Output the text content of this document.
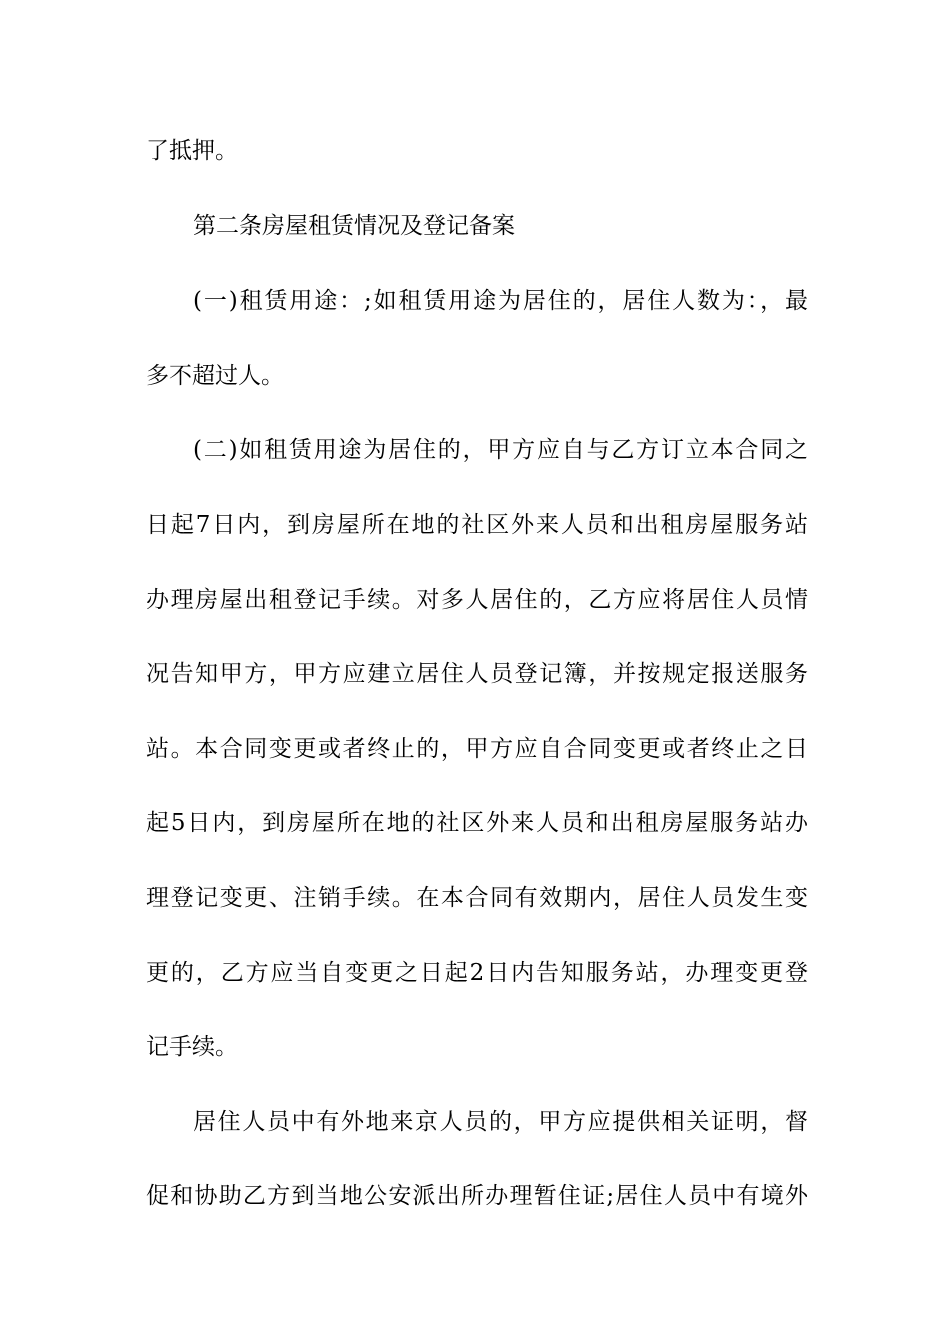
了抵押。
第二条房屋租赁情况及登记备案
(一)租赁用途：;如租赁用途为居住的，居住人数为：，最
多不超过人。
(二)如租赁用途为居住的，甲方应自与乙方订立本合同之
日起7日内，到房屋所在地的社区外来人员和出租房屋服务站
办理房屋出租登记手续。对多人居住的，乙方应将居住人员情
况告知甲方，甲方应建立居住人员登记簿，并按规定报送服务
站。本合同变更或者终止的，甲方应自合同变更或者终止之日
起5日内，到房屋所在地的社区外来人员和出租房屋服务站办
理登记变更、注销手续。在本合同有效期内，居住人员发生变
更的，乙方应当自变更之日起2日内告知服务站，办理变更登
记手续。
居住人员中有外地来京人员的，甲方应提供相关证明，督
促和协助乙方到当地公安派出所办理暂住证;居住人员中有境外
